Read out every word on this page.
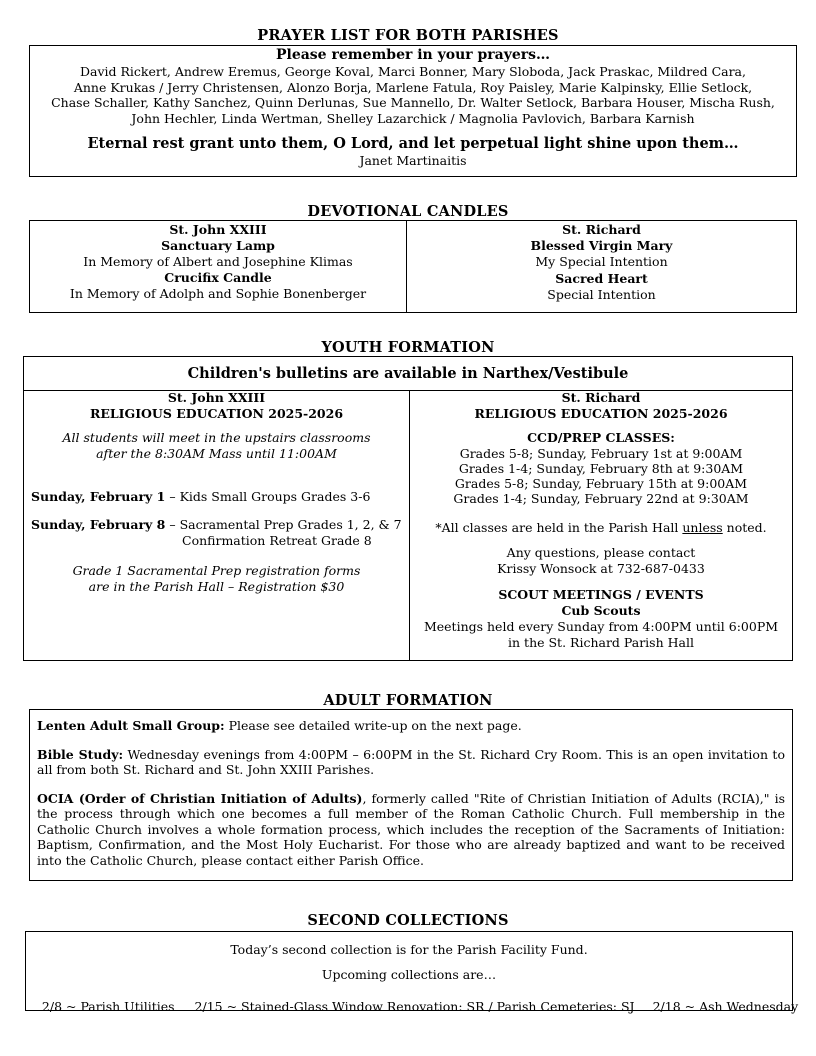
PRAYER LIST FOR BOTH PARISHES
Please remember in your prayers…
David Rickert, Andrew Eremus, George Koval, Marci Bonner, Mary Sloboda, Jack Praskac, Mildred Cara,
Anne Krukas / Jerry Christensen, Alonzo Borja, Marlene Fatula, Roy Paisley, Marie Kalpinsky, Ellie Setlock,
Chase Schaller, Kathy Sanchez, Quinn Derlunas, Sue Mannello, Dr. Walter Setlock, Barbara Houser, Mischa Rush,
John Hechler, Linda Wertman, Shelley Lazarchick / Magnolia Pavlovich, Barbara Karnish
Eternal rest grant unto them, O Lord, and let perpetual light shine upon them…
Janet Martinaitis
DEVOTIONAL CANDLES
St. John XXIII
Sanctuary Lamp
In Memory of Albert and Josephine Klimas
Crucifix Candle
In Memory of Adolph and Sophie Bonenberger
St. Richard
Blessed Virgin Mary
My Special Intention
Sacred Heart
Special Intention
YOUTH FORMATION
Children's bulletins are available in Narthex/Vestibule
St. John XXIII
RELIGIOUS EDUCATION 2025-2026
All students will meet in the upstairs classrooms
after the 8:30AM Mass until 11:00AM
Sunday, February 1 – Kids Small Groups Grades 3-6
Sunday, February 8 – Sacramental Prep Grades 1, 2, & 7
Confirmation Retreat Grade 8
Grade 1 Sacramental Prep registration forms
are in the Parish Hall – Registration $30
St. Richard
RELIGIOUS EDUCATION 2025-2026
CCD/PREP CLASSES:
Grades 5-8; Sunday, February 1st at 9:00AM
Grades 1-4; Sunday, February 8th at 9:30AM
Grades 5-8; Sunday, February 15th at 9:00AM
Grades 1-4; Sunday, February 22nd at 9:30AM
*All classes are held in the Parish Hall unless noted.
Any questions, please contact
Krissy Wonsock at 732-687-0433
SCOUT MEETINGS / EVENTS
Cub Scouts
Meetings held every Sunday from 4:00PM until 6:00PM
in the St. Richard Parish Hall
ADULT FORMATION

Lenten Adult Small Group: Please see detailed write-up on the next page.

Bible Study: Wednesday evenings from 4:00PM – 6:00PM in the St. Richard Cry Room. This is an open invitation to all from both St. Richard and St. John XXIII Parishes.

OCIA (Order of Christian Initiation of Adults), formerly called "Rite of Christian Initiation of Adults (RCIA)," is the process through which one becomes a full member of the Roman Catholic Church. Full membership in the Catholic Church involves a whole formation process, which includes the reception of the Sacraments of Initiation: Baptism, Confirmation, and the Most Holy Eucharist. For those who are already baptized and want to be received into the Catholic Church, please contact either Parish Office.

SECOND COLLECTIONS
Today’s second collection is for the Parish Facility Fund.
Upcoming collections are…

2/8 ~ Parish Utilities 2/15 ~ Stained-Glass Window Renovation: SR / Parish Cemeteries: SJ 2/18 ~ Ash Wednesday
